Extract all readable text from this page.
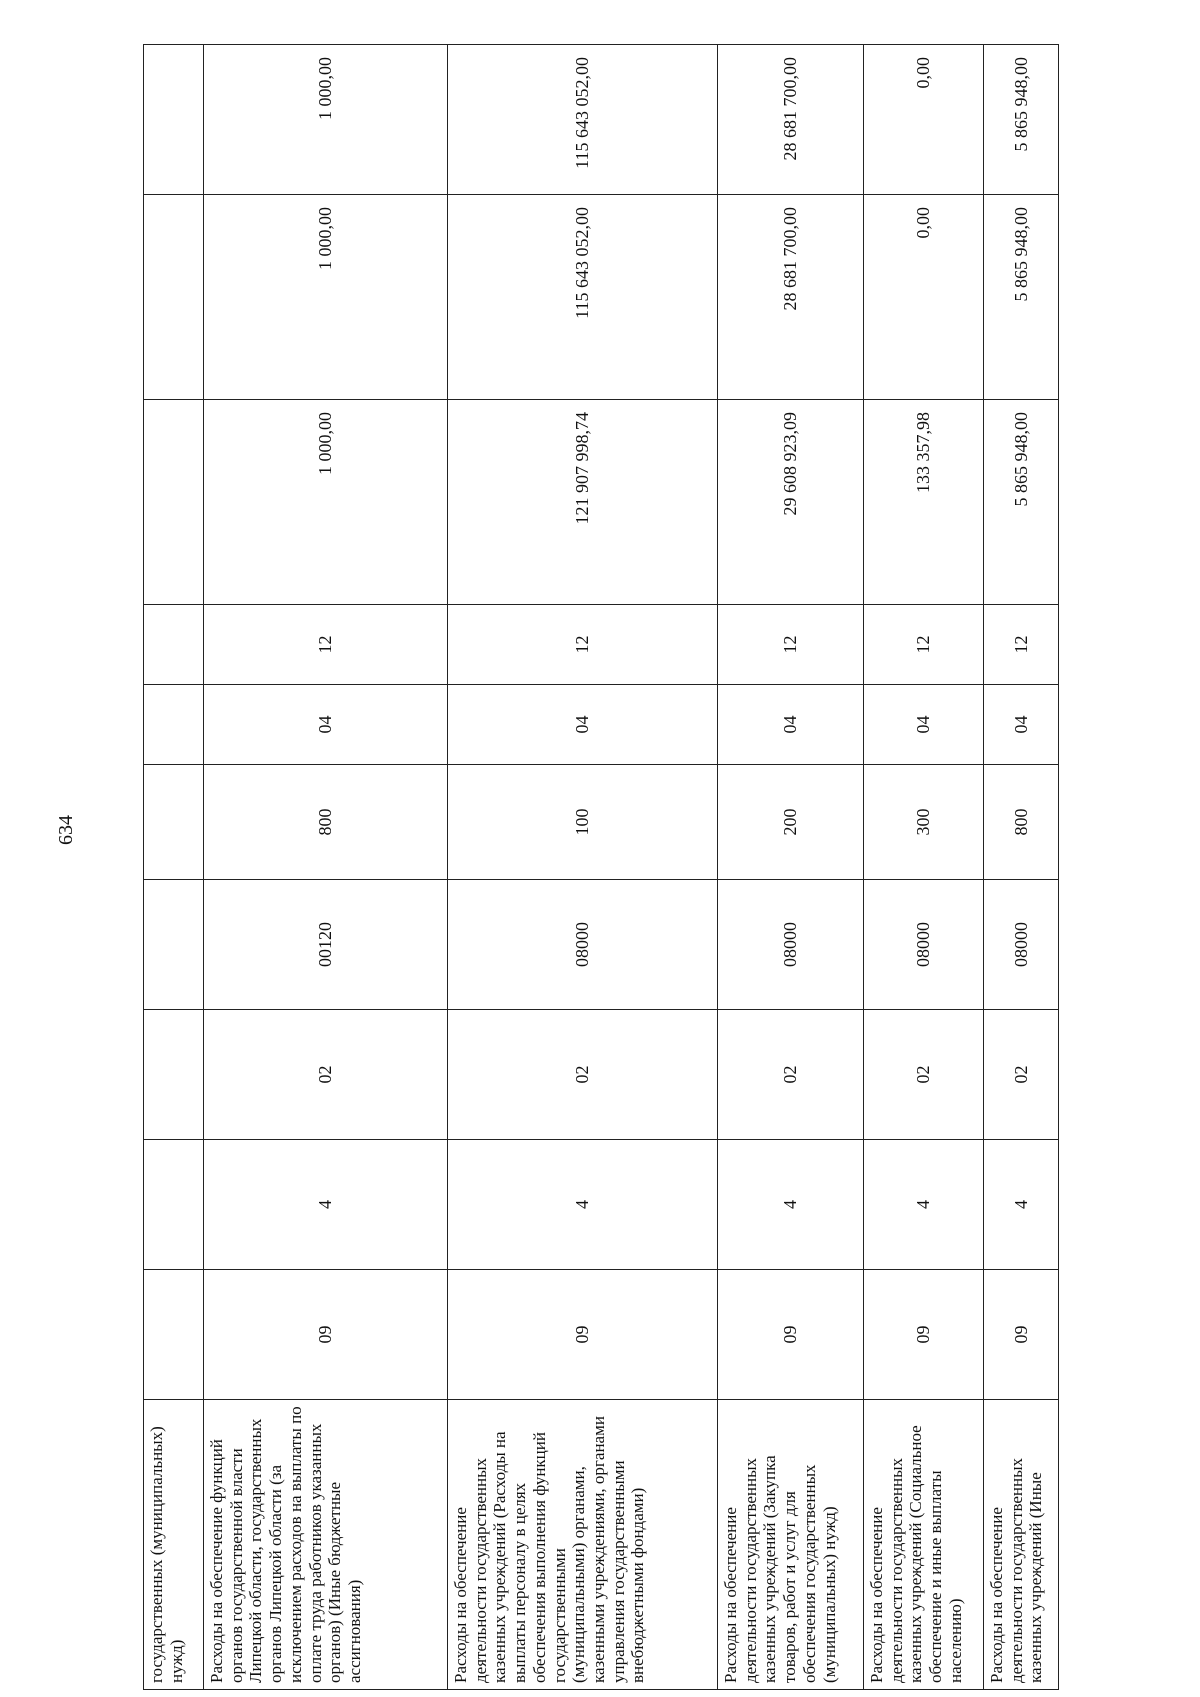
634
государственных (муниципальных) нужд)										
Расходы на обеспечение функций органов государственной власти Липецкой области, государственных органов Липецкой области (за исключением расходов на выплаты по оплате труда работников указанных органов) (Иные бюджетные ассигнования)	09	4	02	00120	800	04	12	1 000,00	1 000,00	1 000,00
Расходы на обеспечение деятельности государственных казенных учреждений (Расходы на выплаты персоналу в целях обеспечения выполнения функций государственными (муниципальными) органами, казенными учреждениями, органами управления государственными внебюджетными фондами)	09	4	02	08000	100	04	12	121 907 998,74	115 643 052,00	115 643 052,00
Расходы на обеспечение деятельности государственных казенных учреждений (Закупка товаров, работ и услуг для обеспечения государственных (муниципальных) нужд)	09	4	02	08000	200	04	12	29 608 923,09	28 681 700,00	28 681 700,00
Расходы на обеспечение деятельности государственных казенных учреждений (Социальное обеспечение и иные выплаты населению)	09	4	02	08000	300	04	12	133 357,98	0,00	0,00
Расходы на обеспечение деятельности государственных казенных учреждений (Иные	09	4	02	08000	800	04	12	5 865 948,00	5 865 948,00	5 865 948,00
